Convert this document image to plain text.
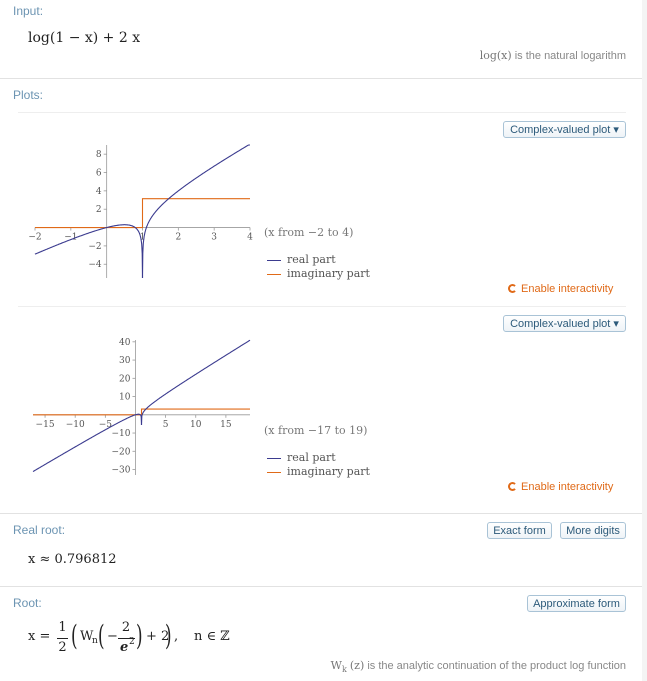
Input:
log(1 − x) + 2 x
log(x) is the natural logarithm
Plots:
Complex-valued plot ▾
−2	−1	1	2	3	4
−4
−2
2
4
6
8
(x from −2 to 4)
real part
imaginary part
Enable interactivity
Complex-valued plot ▾
−15 −10 −5	5 10 15
−30
−20
−10
10
20
30
40
(x from −17 to 19)
real part
imaginary part
Enable interactivity
Real root:	Exact form	More digits
x ≈ 0.796812
Root:	Approximate form
x =
1
2 ( W
n ( −
2
e 2 ) + 2
) , n ∈ ℤ
$W_k$ (z) is the analytic continuation of the product log function
